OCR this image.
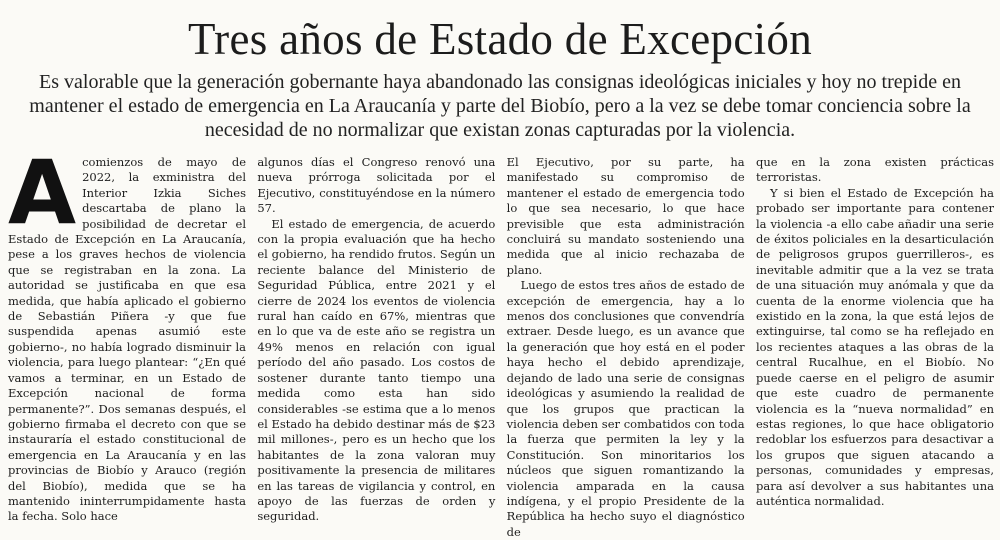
Tres años de Estado de Excepción
Es valorable que la generación gobernante haya abandonado las consignas ideológicas iniciales y hoy no trepide en mantener el estado de emergencia en La Araucanía y parte del Biobío, pero a la vez se debe tomar conciencia sobre la necesidad de no normalizar que existan zonas capturadas por la violencia.
A comienzos de mayo de 2022, la exministra del Interior Izkia Siches descartaba de plano la posibilidad de decretar el Estado de Excepción en La Araucanía, pese a los graves hechos de violencia que se registraban en la zona. La autoridad se justificaba en que esa medida, que había aplicado el gobierno de Sebastián Piñera -y que fue suspendida apenas asumió este gobierno-, no había logrado disminuir la violencia, para luego plantear: “¿En qué vamos a terminar, en un Estado de Excepción nacional de forma permanente?”. Dos semanas después, el gobierno firmaba el decreto con que se instauraría el estado constitucional de emergencia en La Araucanía y en las provincias de Biobío y Arauco (región del Biobío), medida que se ha mantenido ininterrumpidamente hasta la fecha. Solo hace

algunos días el Congreso renovó una nueva prórroga solicitada por el Ejecutivo, constituyéndose en la número 57.

El estado de emergencia, de acuerdo con la propia evaluación que ha hecho el gobierno, ha rendido frutos. Según un reciente balance del Ministerio de Seguridad Pública, entre 2021 y el cierre de 2024 los eventos de violencia rural han caído en 67%, mientras que en lo que va de este año se registra un 49% menos en relación con igual período del año pasado. Los costos de sostener durante tanto tiempo una medida como esta han sido considerables -se estima que a lo menos el Estado ha debido destinar más de $23 mil millones-, pero es un hecho que los habitantes de la zona valoran muy positivamente la presencia de militares en las tareas de vigilancia y control, en apoyo de las fuerzas de orden y seguridad.

El Ejecutivo, por su parte, ha manifestado su compromiso de mantener el estado de emergencia todo lo que sea necesario, lo que hace previsible que esta administración concluirá su mandato sosteniendo una medida que al inicio rechazaba de plano.

Luego de estos tres años de estado de excepción de emergencia, hay a lo menos dos conclusiones que convendría extraer. Desde luego, es un avance que la generación que hoy está en el poder haya hecho el debido aprendizaje, dejando de lado una serie de consignas ideológicas y asumiendo la realidad de que los grupos que practican la violencia deben ser combatidos con toda la fuerza que permiten la ley y la Constitución. Son minoritarios los núcleos que siguen romantizando la violencia amparada en la causa indígena, y el propio Presidente de la República ha hecho suyo el diagnóstico de

que en la zona existen prácticas terroristas.

Y si bien el Estado de Excepción ha probado ser importante para contener la violencia -a ello cabe añadir una serie de éxitos policiales en la desarticulación de peligrosos grupos guerrilleros-, es inevitable admitir que a la vez se trata de una situación muy anómala y que da cuenta de la enorme violencia que ha existido en la zona, la que está lejos de extinguirse, tal como se ha reflejado en los recientes ataques a las obras de la central Rucalhue, en el Biobío. No puede caerse en el peligro de asumir que este cuadro de permanente violencia es la “nueva normalidad” en estas regiones, lo que hace obligatorio redoblar los esfuerzos para desactivar a los grupos que siguen atacando a personas, comunidades y empresas, para así devolver a sus habitantes una auténtica normalidad.
